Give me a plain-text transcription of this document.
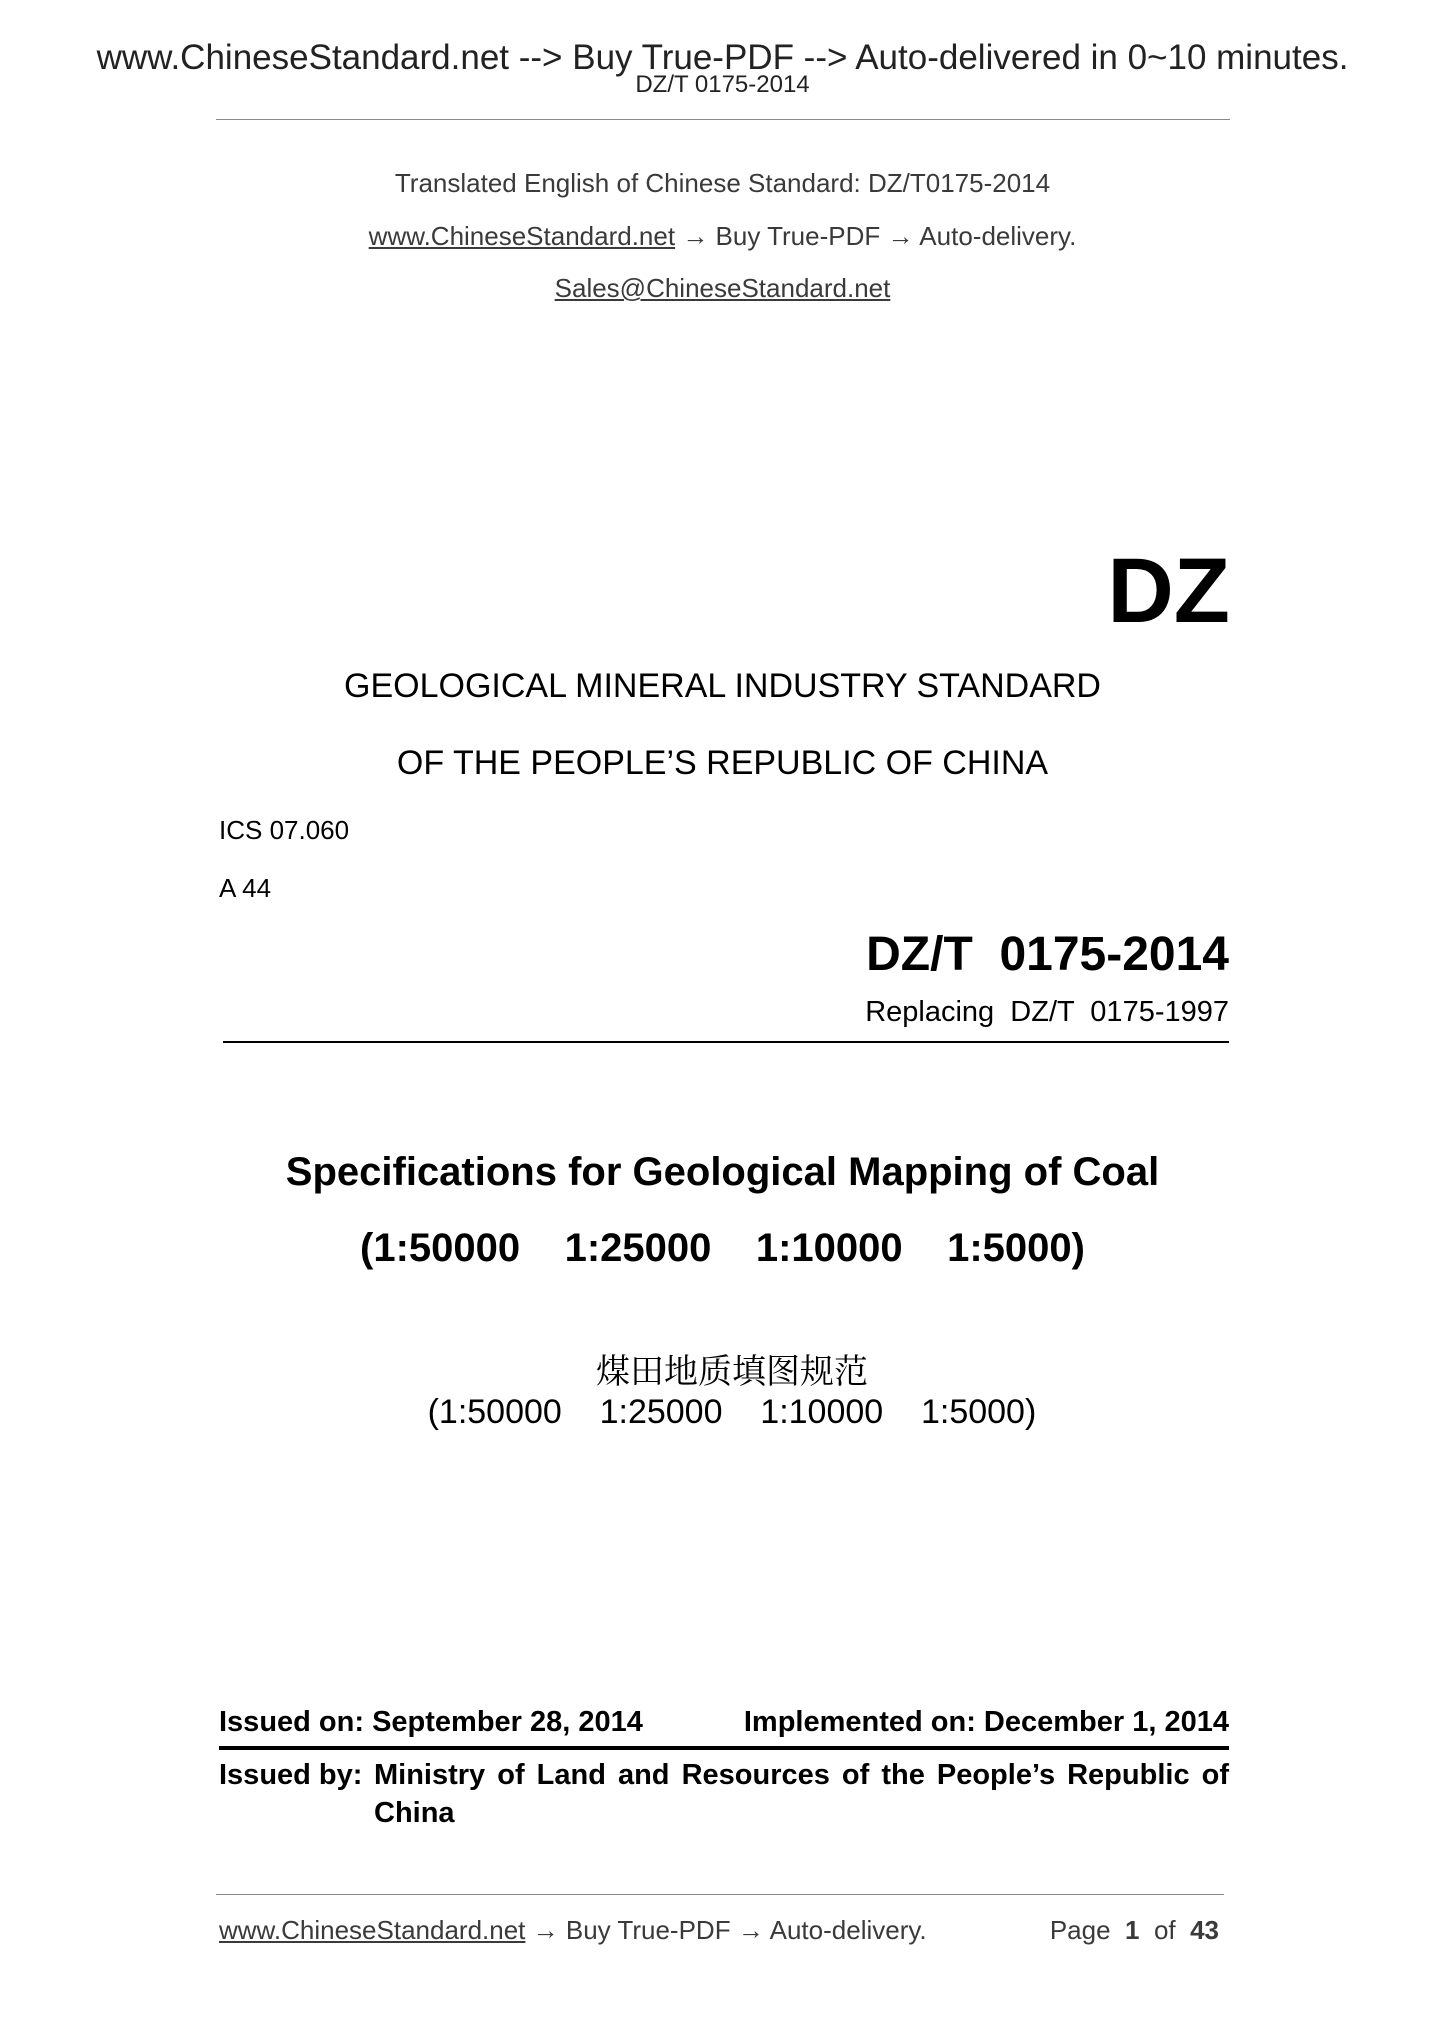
www.ChineseStandard.net --> Buy True-PDF --> Auto-delivered in 0~10 minutes.
DZ/T 0175-2014
Translated English of Chinese Standard: DZ/T0175-2014
www.ChineseStandard.net → Buy True-PDF → Auto-delivery.
Sales@ChineseStandard.net
DZ
GEOLOGICAL MINERAL INDUSTRY STANDARD
OF THE PEOPLE’S REPUBLIC OF CHINA
ICS 07.060
A 44
DZ/T  0175-2014
Replacing  DZ/T  0175-1997
Specifications for Geological Mapping of Coal
(1:50000    1:25000    1:10000    1:5000)

煤田地质填图规范
(1:50000    1:25000    1:10000    1:5000)

Issued on: September 28, 2014	Implemented on: December 1, 2014
Issued by: Ministry of Land and Resources of the People’s Republic of
China
www.ChineseStandard.net → Buy True-PDF → Auto-delivery.	Page 1 of 43
